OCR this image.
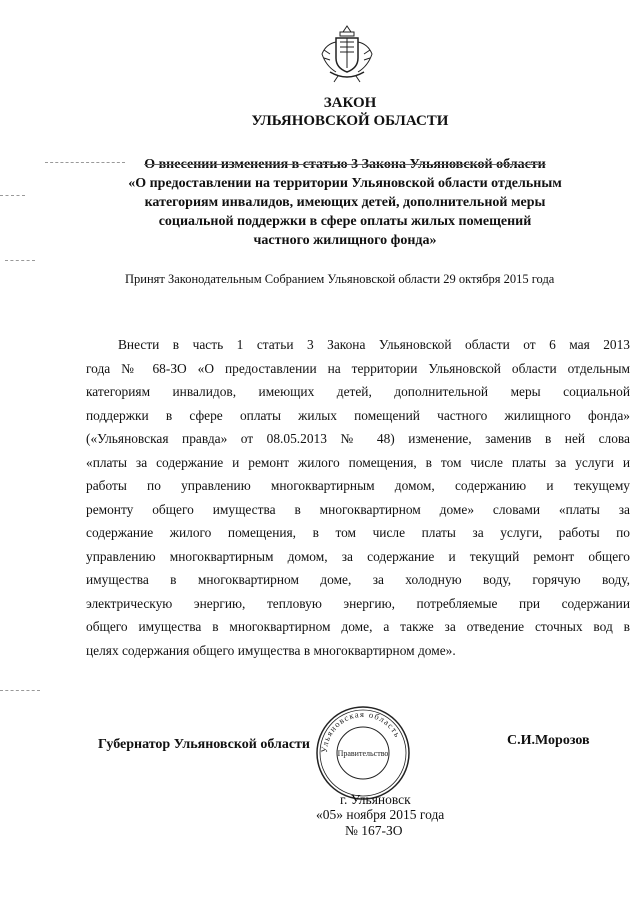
ЗАКОН
УЛЬЯНОВСКОЙ ОБЛАСТИ
О внесении изменения в статью 3 Закона Ульяновской области
«О предоставлении на территории Ульяновской области отдельным
категориям инвалидов, имеющих детей, дополнительной меры
социальной поддержки в сфере оплаты жилых помещений
частного жилищного фонда»
Принят Законодательным Собранием Ульяновской области 29 октября 2015 года
Внести в часть 1 статьи 3 Закона Ульяновской области от 6 мая 2013
года № 68-ЗО «О предоставлении на территории Ульяновской области отдельным
категориям инвалидов, имеющих детей, дополнительной меры социальной
поддержки в сфере оплаты жилых помещений частного жилищного фонда»
(«Ульяновская правда» от 08.05.2013 № 48) изменение, заменив в ней слова
«платы за содержание и ремонт жилого помещения, в том числе платы за услуги и
работы по управлению многоквартирным домом, содержанию и текущему
ремонту общего имущества в многоквартирном доме» словами «платы за
содержание жилого помещения, в том числе платы за услуги, работы по
управлению многоквартирным домом, за содержание и текущий ремонт общего
имущества в многоквартирном доме, за холодную воду, горячую воду,
электрическую энергию, тепловую энергию, потребляемые при содержании
общего имущества в многоквартирном доме, а также за отведение сточных вод в
целях содержания общего имущества в многоквартирном доме».
Ульяновская область
Правительство
Губернатор Ульяновской области	С.И.Морозов
г. Ульяновск
«05» ноября 2015 года
№ 167-ЗО
